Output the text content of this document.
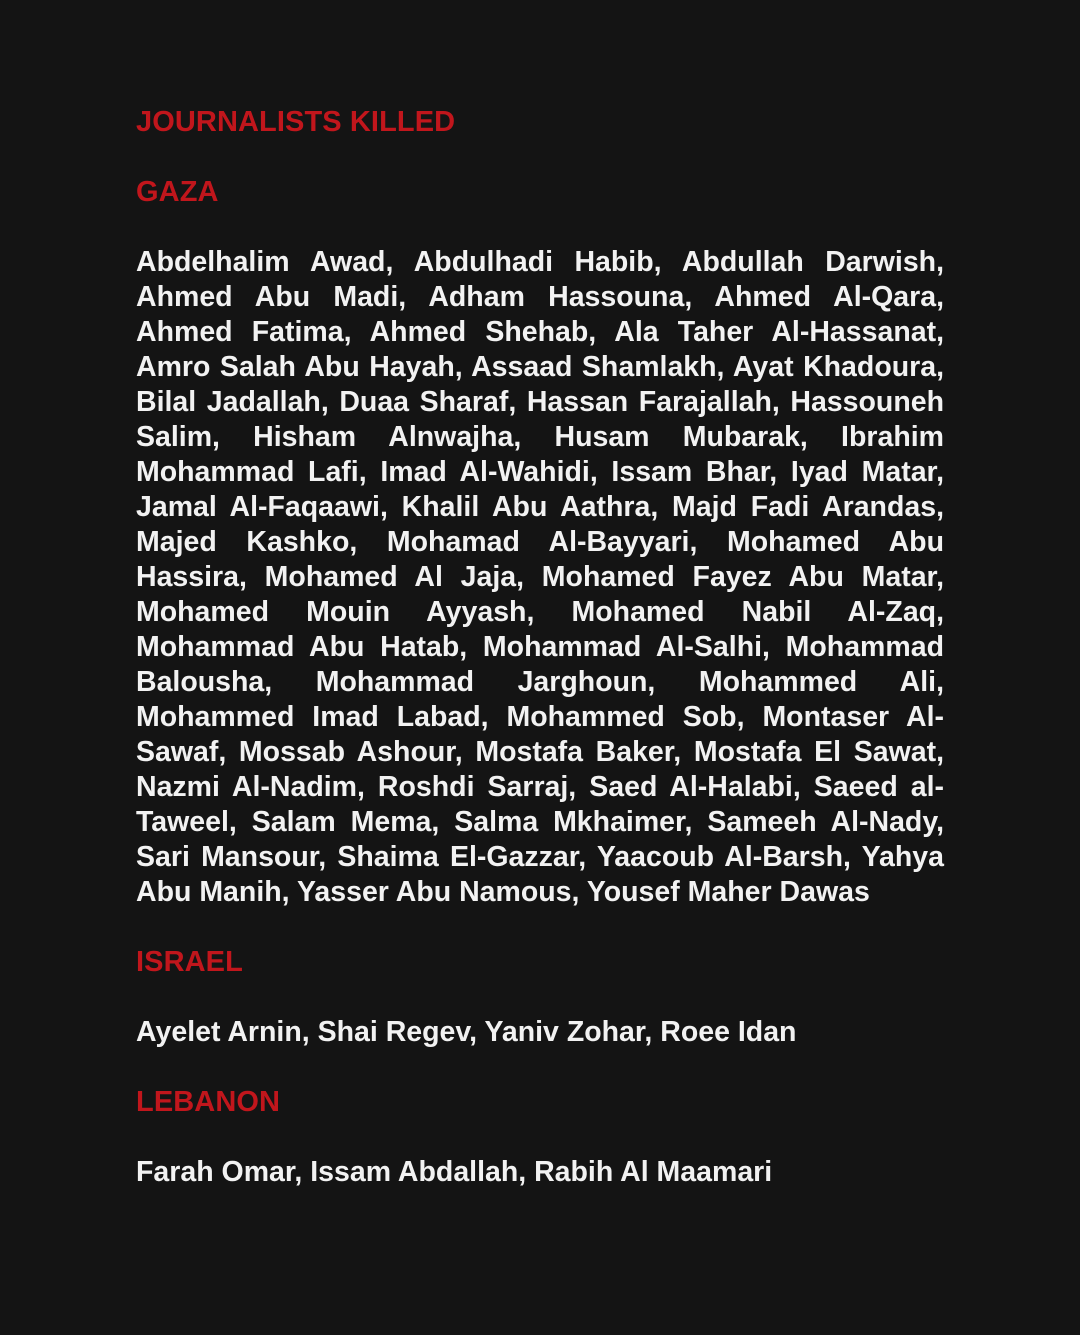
JOURNALISTS KILLED
GAZA

Abdelhalim Awad, Abdulhadi Habib, Abdullah Darwish, Ahmed Abu Madi, Adham Hassouna, Ahmed Al-Qara, Ahmed Fatima, Ahmed Shehab, Ala Taher Al-Hassanat, Amro Salah Abu Hayah, Assaad Shamlakh, Ayat Khadoura, Bilal Jadallah, Duaa Sharaf, Hassan Farajallah, Hassouneh Salim, Hisham Alnwajha, Husam Mubarak, Ibrahim Mohammad Lafi, Imad Al-Wahidi, Issam Bhar, Iyad Matar, Jamal Al-Faqaawi, Khalil Abu Aathra, Majd Fadi Arandas, Majed Kashko, Mohamad Al-Bayyari, Mohamed Abu Hassira, Mohamed Al Jaja, Mohamed Fayez Abu Matar, Mohamed Mouin Ayyash, Mohamed Nabil Al-Zaq, Mohammad Abu Hatab, Mohammad Al-Salhi, Mohammad Balousha, Mohammad Jarghoun, Mohammed Ali, Mohammed Imad Labad, Mohammed Sob, Montaser Al-Sawaf, Mossab Ashour, Mostafa Baker, Mostafa El Sawat, Nazmi Al-Nadim, Roshdi Sarraj, Saed Al-Halabi, Saeed al-Taweel, Salam Mema, Salma Mkhaimer, Sameeh Al-Nady, Sari Mansour, Shaima El-Gazzar, Yaacoub Al-Barsh, Yahya Abu Manih, Yasser Abu Namous, Yousef Maher Dawas

ISRAEL

Ayelet Arnin, Shai Regev, Yaniv Zohar, Roee Idan

LEBANON

Farah Omar, Issam Abdallah, Rabih Al Maamari
